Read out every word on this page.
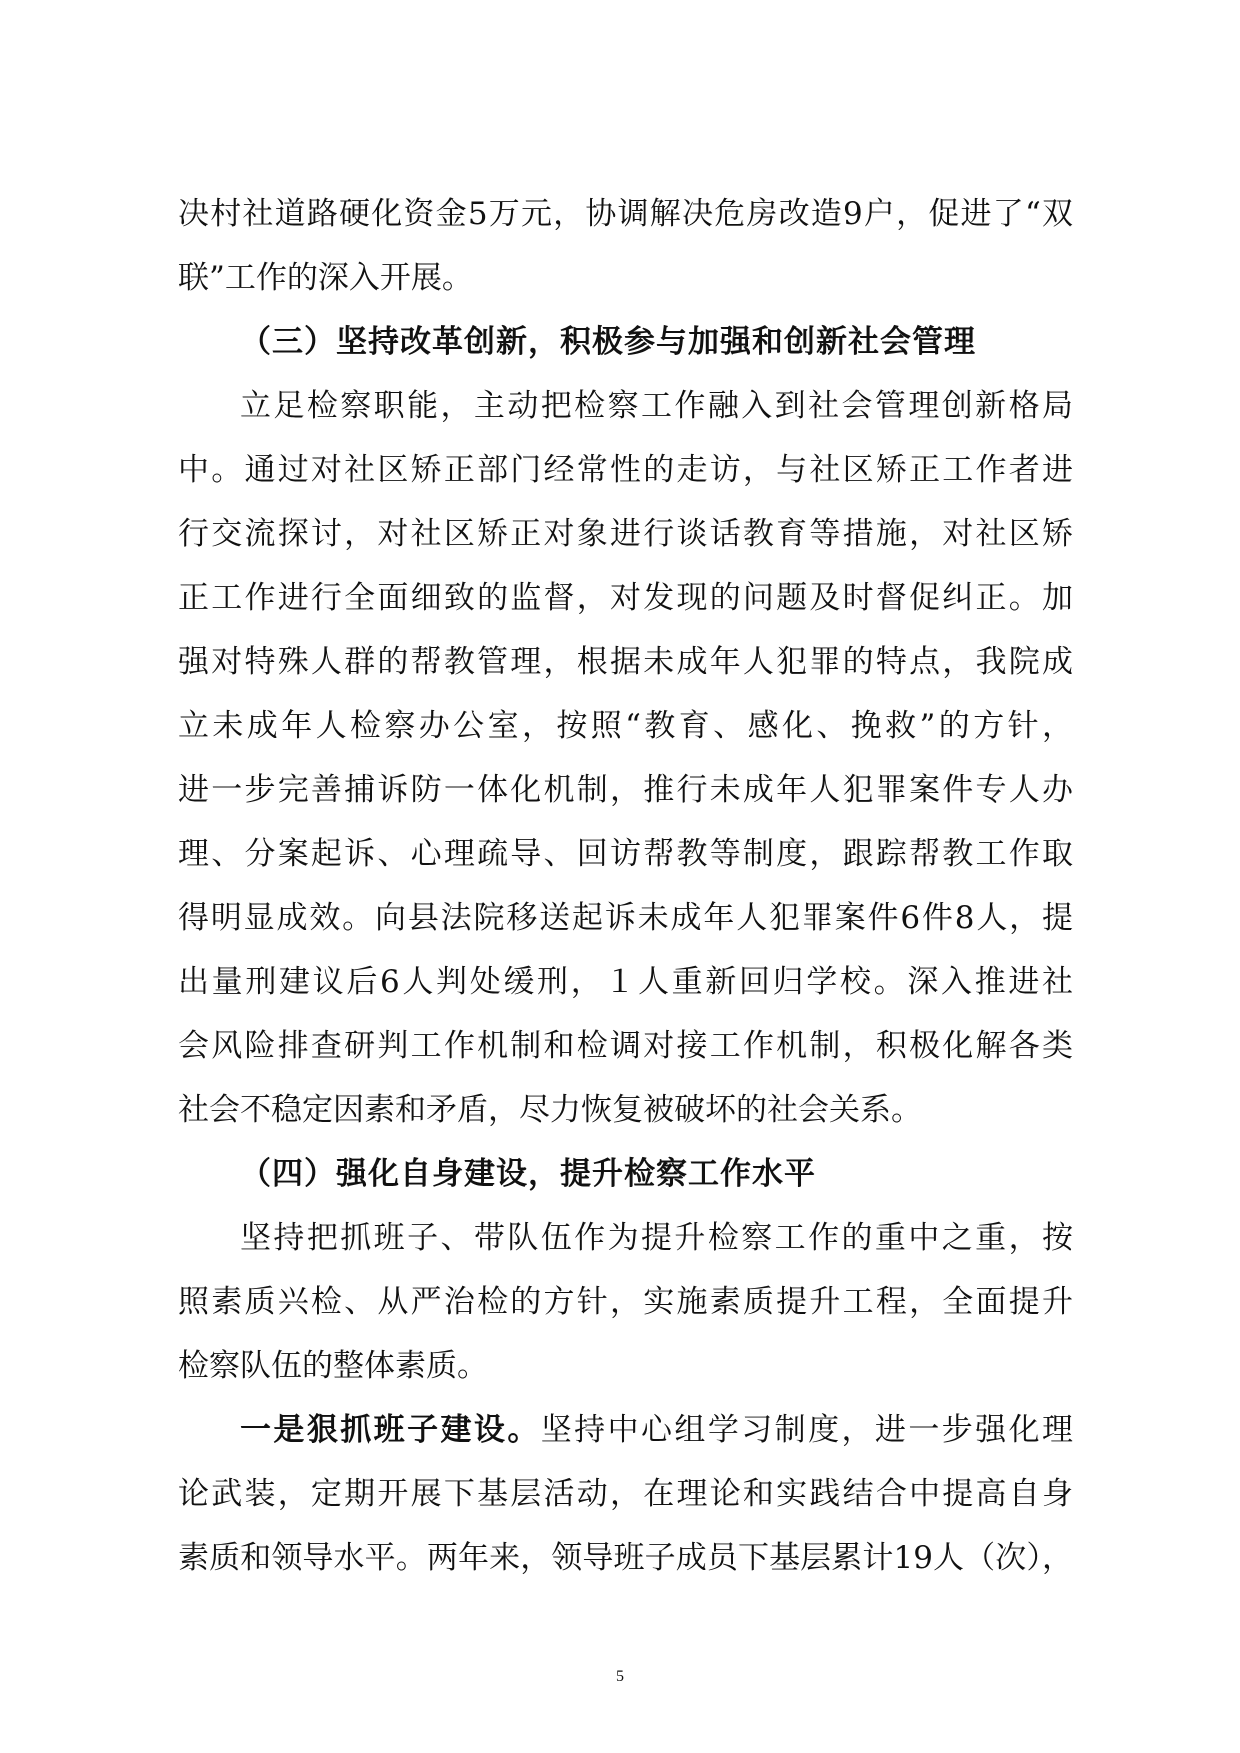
决村社道路硬化资金5万元，协调解决危房改造9户，促进了“双
联”工作的深入开展。
（三）坚持改革创新，积极参与加强和创新社会管理
立足检察职能，主动把检察工作融入到社会管理创新格局
中。通过对社区矫正部门经常性的走访，与社区矫正工作者进
行交流探讨，对社区矫正对象进行谈话教育等措施，对社区矫
正工作进行全面细致的监督，对发现的问题及时督促纠正。加
强对特殊人群的帮教管理，根据未成年人犯罪的特点，我院成
立未成年人检察办公室，按照“教育、感化、挽救”的方针，
进一步完善捕诉防一体化机制，推行未成年人犯罪案件专人办
理、分案起诉、心理疏导、回访帮教等制度，跟踪帮教工作取
得明显成效。向县法院移送起诉未成年人犯罪案件6件8人，提
出量刑建议后6人判处缓刑，１人重新回归学校。深入推进社
会风险排查研判工作机制和检调对接工作机制，积极化解各类
社会不稳定因素和矛盾，尽力恢复被破坏的社会关系。
（四）强化自身建设，提升检察工作水平
坚持把抓班子、带队伍作为提升检察工作的重中之重，按
照素质兴检、从严治检的方针，实施素质提升工程，全面提升
检察队伍的整体素质。
一是狠抓班子建设。坚持中心组学习制度，进一步强化理
论武装，定期开展下基层活动，在理论和实践结合中提高自身
素质和领导水平。两年来，领导班子成员下基层累计19人（次），
5
